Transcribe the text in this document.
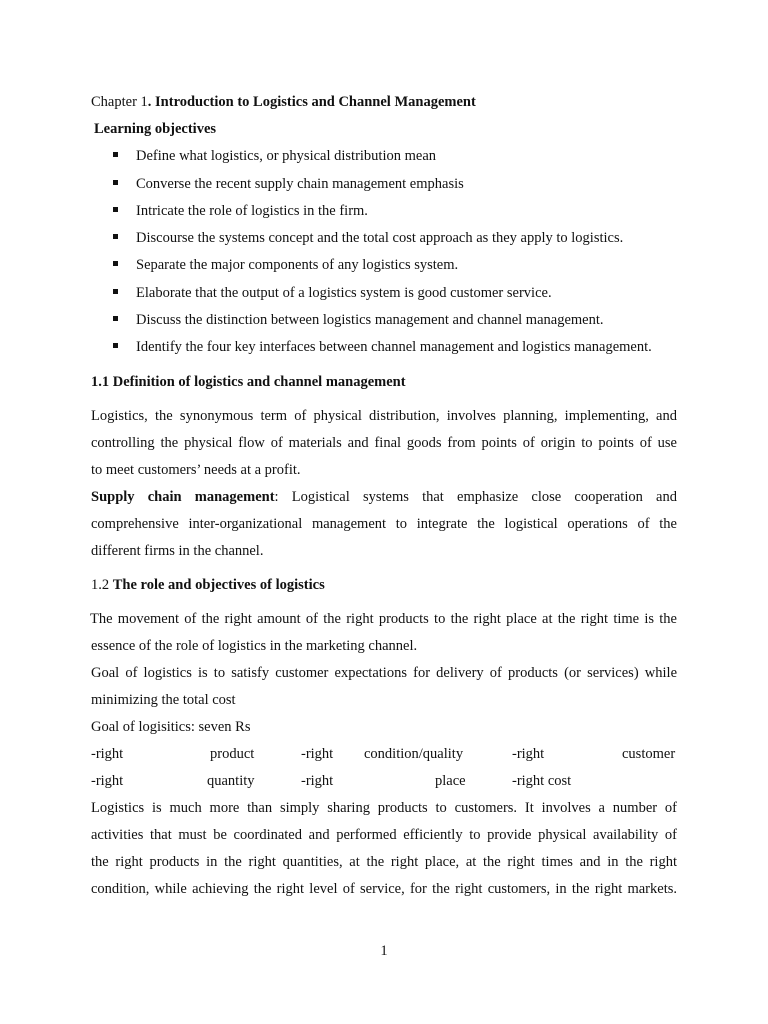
Chapter 1. Introduction to Logistics and Channel Management
Learning objectives
Define what logistics, or physical distribution mean
Converse the recent supply chain management emphasis
Intricate the role of logistics in the firm.
Discourse the systems concept and the total cost approach as they apply to logistics.
Separate the major components of any logistics system.
Elaborate that the output of a logistics system is good customer service.
Discuss the distinction between logistics management and channel management.
Identify the four key interfaces between channel management and logistics management.
1.1 Definition of logistics and channel management
Logistics, the synonymous term of physical distribution, involves planning, implementing, and
controlling the physical flow of materials and final goods from points of origin to points of use
to meet customers’ needs at a profit.
Supply chain management: Logistical systems that emphasize close cooperation and
comprehensive inter-organizational management to integrate the logistical operations of the
different firms in the channel.
1.2 The role and objectives of logistics
The movement of the right amount of the right products to the right place at the right time is the
essence of the role of logistics in the marketing channel.
Goal of logistics is to satisfy customer expectations for delivery of products (or services) while
minimizing the total cost
Goal of logisitics: seven Rs
-right	product	-right condition/quality	-right	customer
-right	quantity	-right	place	-right cost
Logistics is much more than simply sharing products to customers. It involves a number of
activities that must be coordinated and performed efficiently to provide physical availability of
the right products in the right quantities, at the right place, at the right times and in the right
condition, while achieving the right level of service, for the right customers, in the right markets.
1
